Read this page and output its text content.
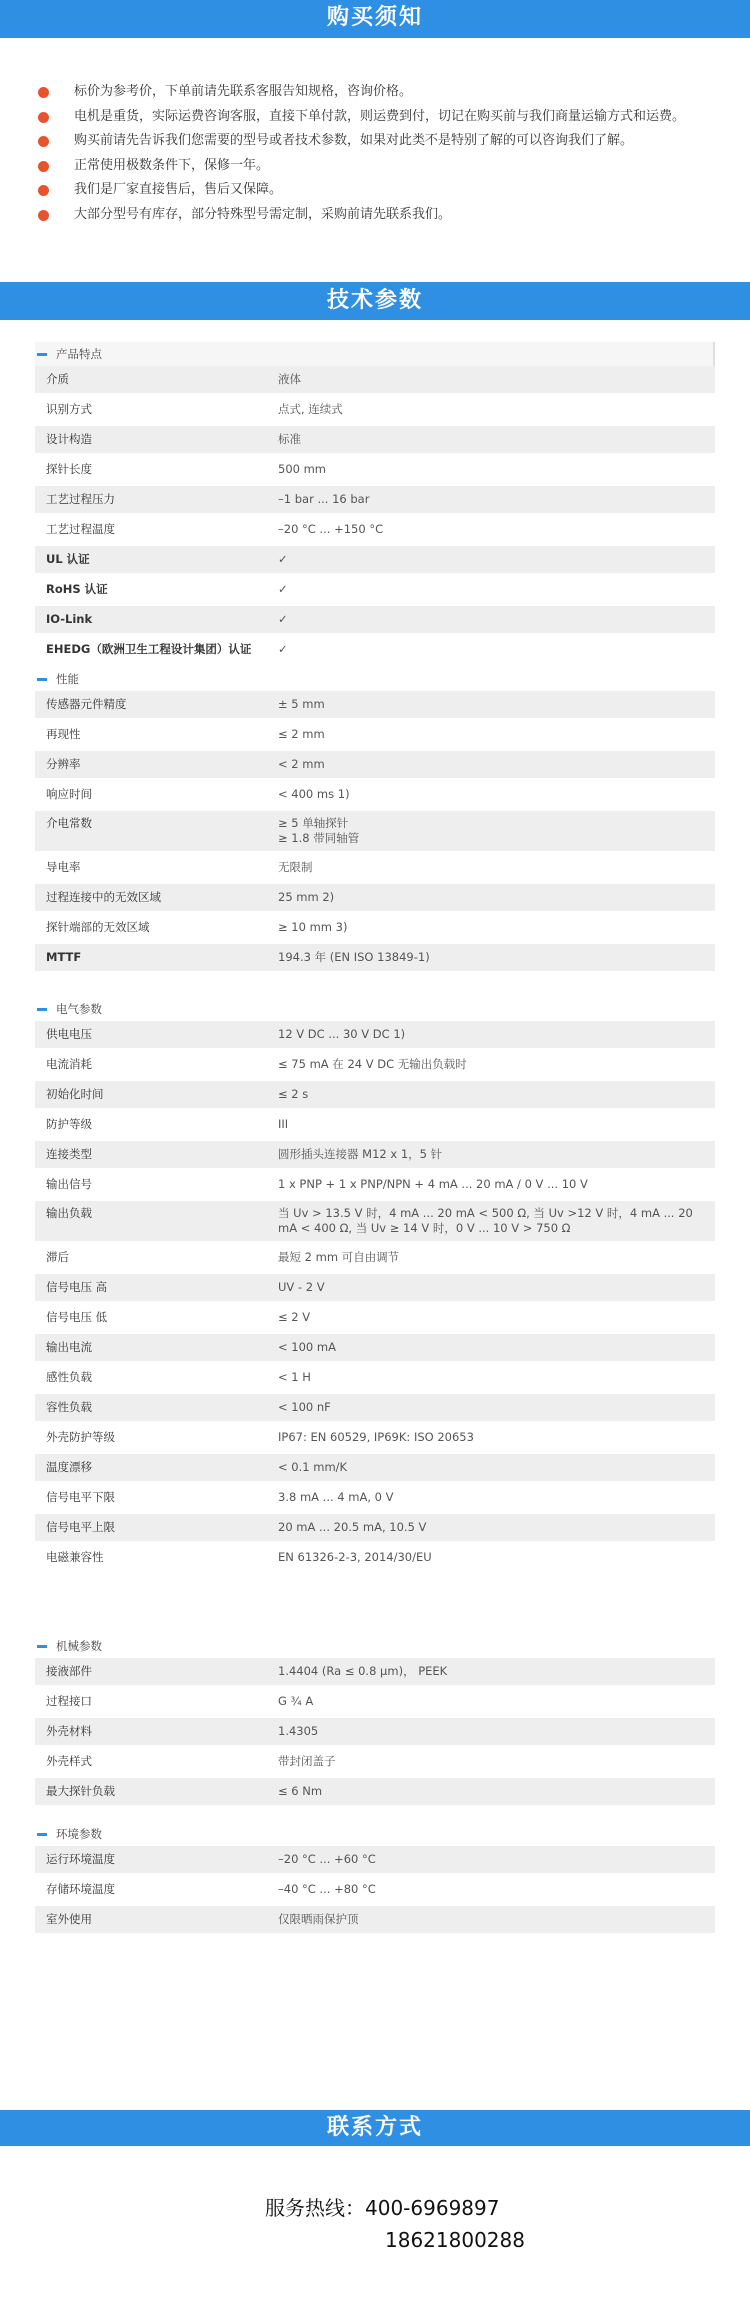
购买须知
标价为参考价，下单前请先联系客服告知规格，咨询价格。
电机是重货，实际运费咨询客服，直接下单付款，则运费到付，切记在购买前与我们商量运输方式和运费。
购买前请先告诉我们您需要的型号或者技术参数，如果对此类不是特别了解的可以咨询我们了解。
正常使用极数条件下，保修一年。
我们是厂家直接售后，售后又保障。
大部分型号有库存，部分特殊型号需定制，采购前请先联系我们。
技术参数
产品特点
介质	液体
识别方式	点式, 连续式
设计构造	标准
探针长度	500 mm
工艺过程压力	–1 bar ... 16 bar
工艺过程温度	–20 °C ... +150 °C
UL 认证	✓
RoHS 认证	✓
IO-Link	✓
EHEDG（欧洲卫生工程设计集团）认证	✓
性能
传感器元件精度	± 5 mm
再现性	≤ 2 mm
分辨率	< 2 mm
响应时间	< 400 ms 1)
介电常数	≥ 5 单轴探针
≥ 1.8 带同轴管
导电率	无限制
过程连接中的无效区域	25 mm 2)
探针端部的无效区域	≥ 10 mm 3)
MTTF	194.3 年 (EN ISO 13849-1)
电气参数
供电电压	12 V DC ... 30 V DC 1)
电流消耗	≤ 75 mA 在 24 V DC 无输出负载时
初始化时间	≤ 2 s
防护等级	III
连接类型	圆形插头连接器 M12 x 1，5 针
输出信号	1 x PNP + 1 x PNP/NPN + 4 mA ... 20 mA / 0 V ... 10 V
输出负载	当 Uv > 13.5 V 时，4 mA ... 20 mA < 500 Ω, 当 Uv >12 V 时，4 mA ... 20
mA < 400 Ω, 当 Uv ≥ 14 V 时，0 V ... 10 V > 750 Ω
滞后	最短 2 mm 可自由调节
信号电压 高	UV - 2 V
信号电压 低	≤ 2 V
输出电流	< 100 mA
感性负载	< 1 H
容性负载	< 100 nF
外壳防护等级	IP67: EN 60529, IP69K: ISO 20653
温度漂移	< 0.1 mm/K
信号电平下限	3.8 mA ... 4 mA, 0 V
信号电平上限	20 mA ... 20.5 mA, 10.5 V
电磁兼容性	EN 61326-2-3, 2014/30/EU
机械参数
接液部件	1.4404 (Ra ≤ 0.8 μm)， PEEK
过程接口	G ¾ A
外壳材料	1.4305
外壳样式	带封闭盖子
最大探针负载	≤ 6 Nm
环境参数
运行环境温度	–20 °C ... +60 °C
存储环境温度	–40 °C ... +80 °C
室外使用	仅限晒雨保护顶
联系方式
服务热线：400-6969897
18621800288
